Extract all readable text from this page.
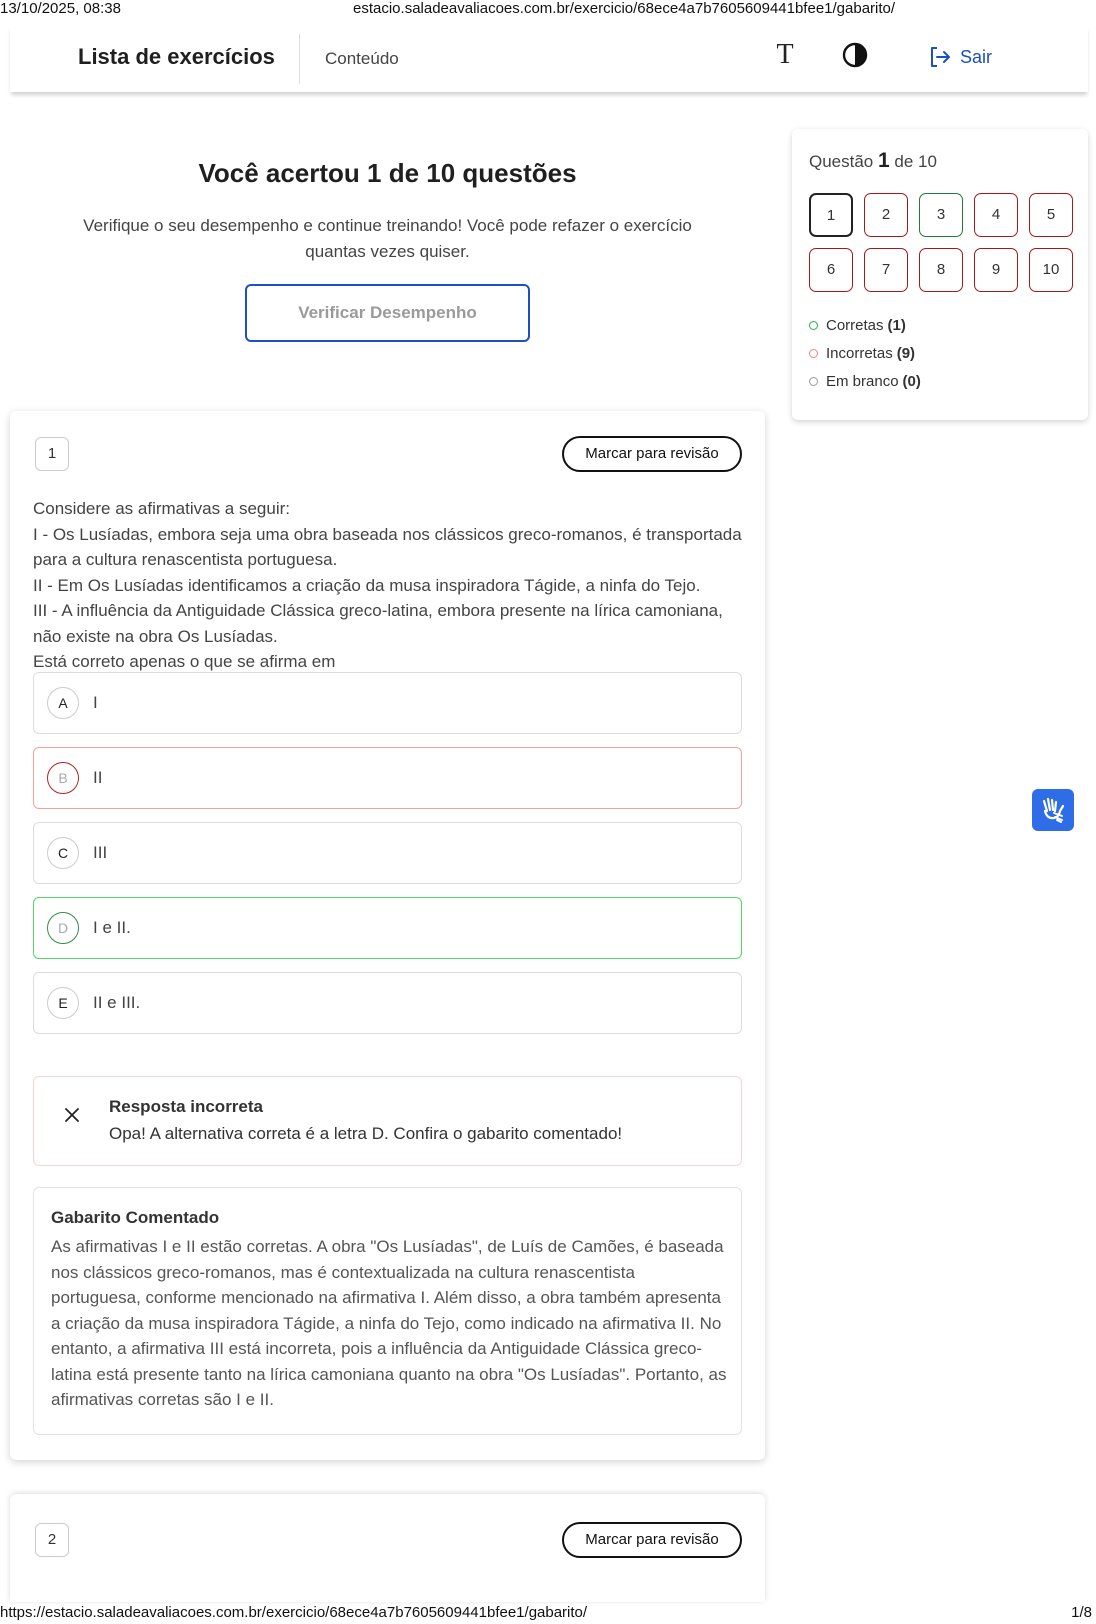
13/10/2025, 08:38	estacio.saladeavaliacoes.com.br/exercicio/68ece4a7b7605609441bfee1/gabarito/
Lista de exercícios	Conteúdo	T	Sair
Você acertou 1 de 10 questões

Verifique o seu desempenho e continue treinando! Você pode refazer o exercício quantas vezes quiser.

Verificar Desempenho
Questão 1 de 10
1	2	3	4	5
6	7	8	9	10
Corretas (1)
Incorretas (9)
Em branco (0)
1	Marcar para revisão
Considere as afirmativas a seguir:
I - Os Lusíadas, embora seja uma obra baseada nos clássicos greco-romanos, é transportada para a cultura renascentista portuguesa.
II - Em Os Lusíadas identificamos a criação da musa inspiradora Tágide, a ninfa do Tejo.
III - A influência da Antiguidade Clássica greco-latina, embora presente na lírica camoniana, não existe na obra Os Lusíadas.
Está correto apenas o que se afirma em
A	I
B	II
C	III
D	I e II.
E	II e III.
Resposta incorreta
Opa! A alternativa correta é a letra D. Confira o gabarito comentado!
Gabarito Comentado
As afirmativas I e II estão corretas. A obra "Os Lusíadas", de Luís de Camões, é baseada nos clássicos greco-romanos, mas é contextualizada na cultura renascentista portuguesa, conforme mencionado na afirmativa I. Além disso, a obra também apresenta a criação da musa inspiradora Tágide, a ninfa do Tejo, como indicado na afirmativa II. No entanto, a afirmativa III está incorreta, pois a influência da Antiguidade Clássica greco-latina está presente tanto na lírica camoniana quanto na obra "Os Lusíadas". Portanto, as afirmativas corretas são I e II.
2	Marcar para revisão
https://estacio.saladeavaliacoes.com.br/exercicio/68ece4a7b7605609441bfee1/gabarito/	1/8
